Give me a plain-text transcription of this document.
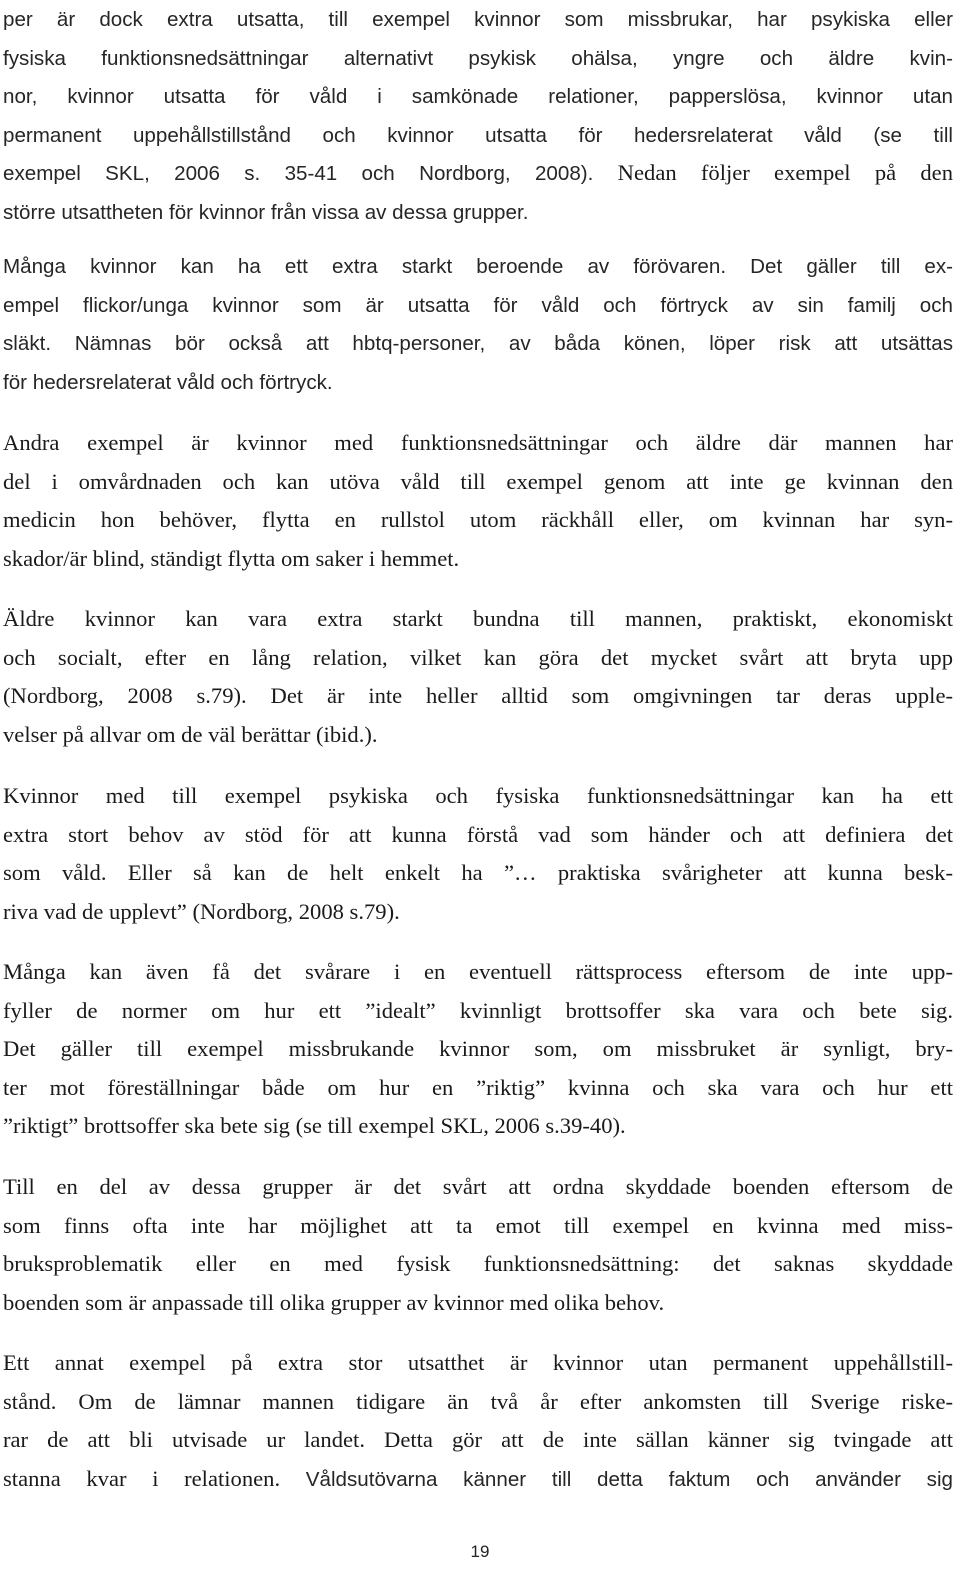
per är dock extra utsatta, till exempel kvinnor som missbrukar, har psykiska eller
fysiska funktionsnedsättningar alternativt psykisk ohälsa, yngre och äldre kvin-
nor, kvinnor utsatta för våld i samkönade relationer, papperslösa, kvinnor utan
permanent uppehållstillstånd och kvinnor utsatta för hedersrelaterat våld (se till
exempel SKL, 2006 s. 35-41 och Nordborg, 2008). Nedan följer exempel på den
större utsattheten för kvinnor från vissa av dessa grupper.
Många kvinnor kan ha ett extra starkt beroende av förövaren. Det gäller till ex-
empel flickor/unga kvinnor som är utsatta för våld och förtryck av sin familj och
släkt. Nämnas bör också att hbtq-personer, av båda könen, löper risk att utsättas
för hedersrelaterat våld och förtryck.
Andra exempel är kvinnor med funktionsnedsättningar och äldre där mannen har
del i omvårdnaden och kan utöva våld till exempel genom att inte ge kvinnan den
medicin hon behöver, flytta en rullstol utom räckhåll eller, om kvinnan har syn-
skador/är blind, ständigt flytta om saker i hemmet.
Äldre kvinnor kan vara extra starkt bundna till mannen, praktiskt, ekonomiskt
och socialt, efter en lång relation, vilket kan göra det mycket svårt att bryta upp
(Nordborg, 2008 s.79). Det är inte heller alltid som omgivningen tar deras upple-
velser på allvar om de väl berättar (ibid.).
Kvinnor med till exempel psykiska och fysiska funktionsnedsättningar kan ha ett
extra stort behov av stöd för att kunna förstå vad som händer och att definiera det
som våld. Eller så kan de helt enkelt ha ”… praktiska svårigheter att kunna besk-
riva vad de upplevt” (Nordborg, 2008 s.79).
Många kan även få det svårare i en eventuell rättsprocess eftersom de inte upp-
fyller de normer om hur ett ”idealt” kvinnligt brottsoffer ska vara och bete sig.
Det gäller till exempel missbrukande kvinnor som, om missbruket är synligt, bry-
ter mot föreställningar både om hur en ”riktig” kvinna och ska vara och hur ett
”riktigt” brottsoffer ska bete sig (se till exempel SKL, 2006 s.39-40).
Till en del av dessa grupper är det svårt att ordna skyddade boenden eftersom de
som finns ofta inte har möjlighet att ta emot till exempel en kvinna med miss-
bruksproblematik eller en med fysisk funktionsnedsättning: det saknas skyddade
boenden som är anpassade till olika grupper av kvinnor med olika behov.
Ett annat exempel på extra stor utsatthet är kvinnor utan permanent uppehållstill-
stånd. Om de lämnar mannen tidigare än två år efter ankomsten till Sverige riske-
rar de att bli utvisade ur landet. Detta gör att de inte sällan känner sig tvingade att
stanna kvar i relationen. Våldsutövarna känner till detta faktum och använder sig
19
